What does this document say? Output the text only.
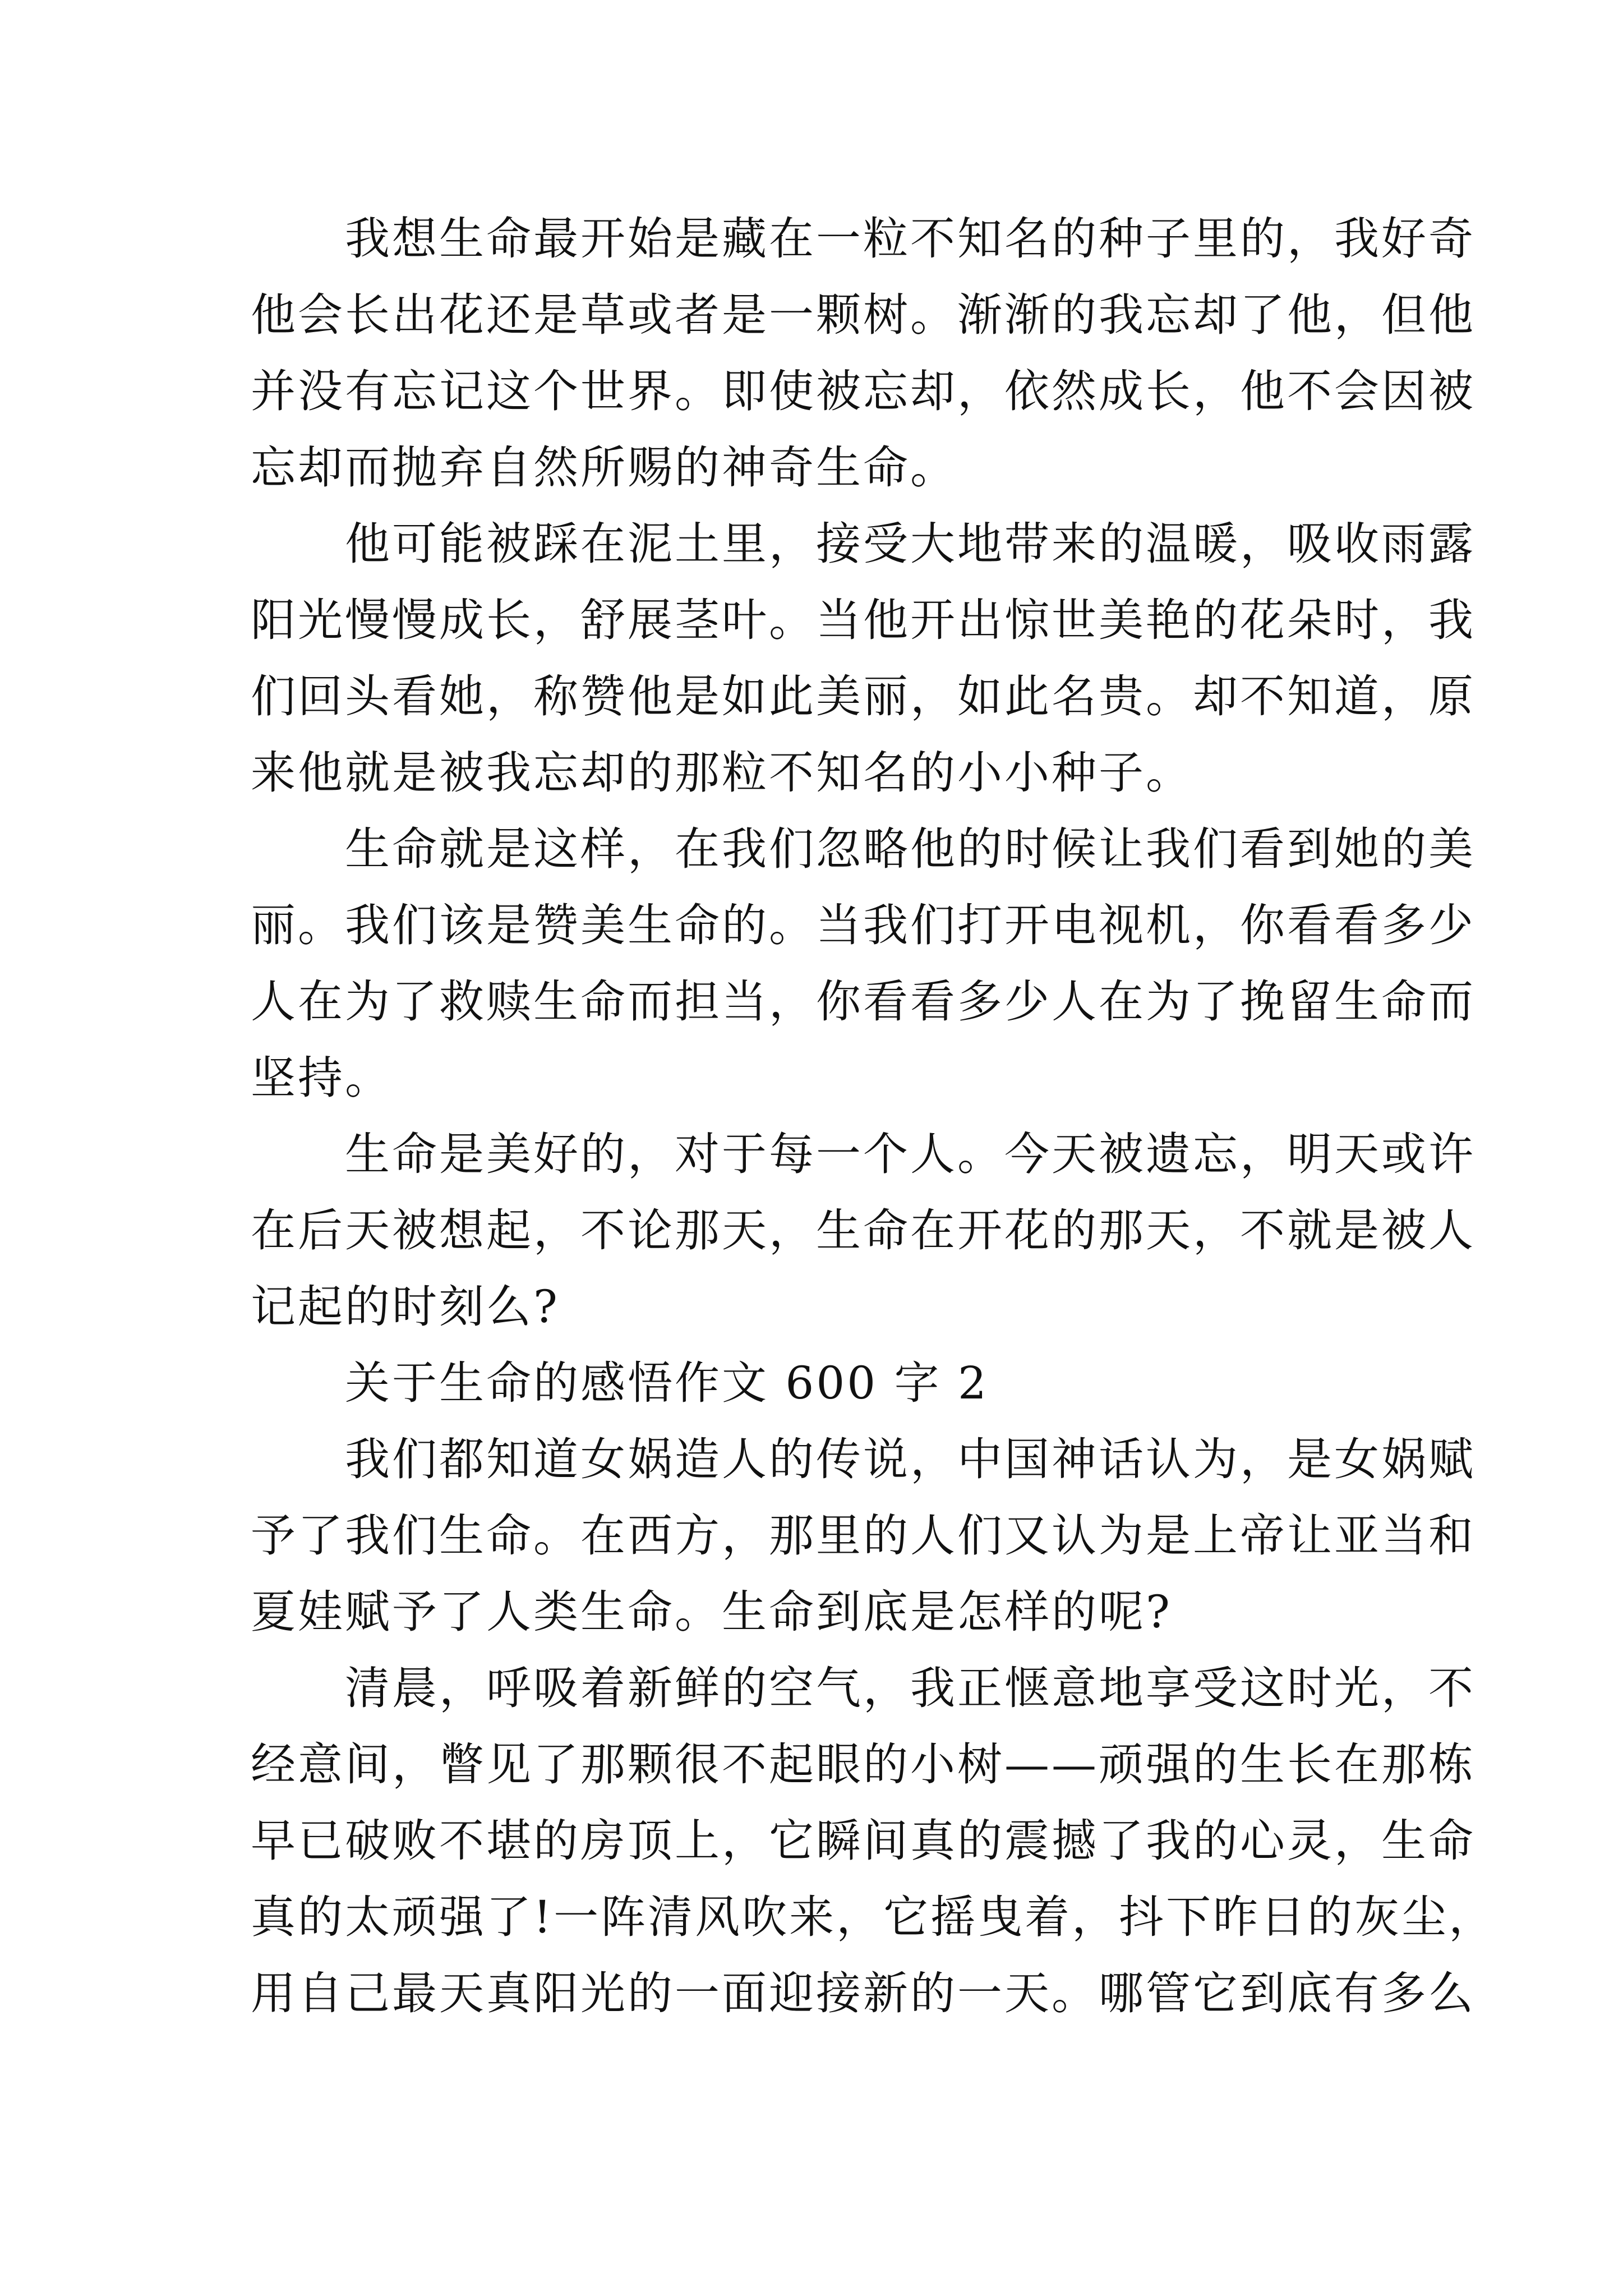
我想生命最开始是藏在一粒不知名的种子里的，我好奇
他会长出花还是草或者是一颗树。渐渐的我忘却了他，但他
并没有忘记这个世界。即使被忘却，依然成长，他不会因被
忘却而抛弃自然所赐的神奇生命。
他可能被踩在泥土里，接受大地带来的温暖，吸收雨露
阳光慢慢成长，舒展茎叶。当他开出惊世美艳的花朵时，我
们回头看她，称赞他是如此美丽，如此名贵。却不知道，原
来他就是被我忘却的那粒不知名的小小种子。
生命就是这样，在我们忽略他的时候让我们看到她的美
丽。我们该是赞美生命的。当我们打开电视机，你看看多少
人在为了救赎生命而担当，你看看多少人在为了挽留生命而
坚持。
生命是美好的，对于每一个人。今天被遗忘，明天或许
在后天被想起，不论那天，生命在开花的那天，不就是被人
记起的时刻么?
关于生命的感悟作文 600 字 2
我们都知道女娲造人的传说，中国神话认为，是女娲赋
予了我们生命。在西方，那里的人们又认为是上帝让亚当和
夏娃赋予了人类生命。生命到底是怎样的呢?
清晨，呼吸着新鲜的空气，我正惬意地享受这时光，不
经意间，瞥见了那颗很不起眼的小树——顽强的生长在那栋
早已破败不堪的房顶上，它瞬间真的震撼了我的心灵，生命
真的太顽强了!一阵清风吹来，它摇曳着，抖下昨日的灰尘，
用自己最天真阳光的一面迎接新的一天。哪管它到底有多么
